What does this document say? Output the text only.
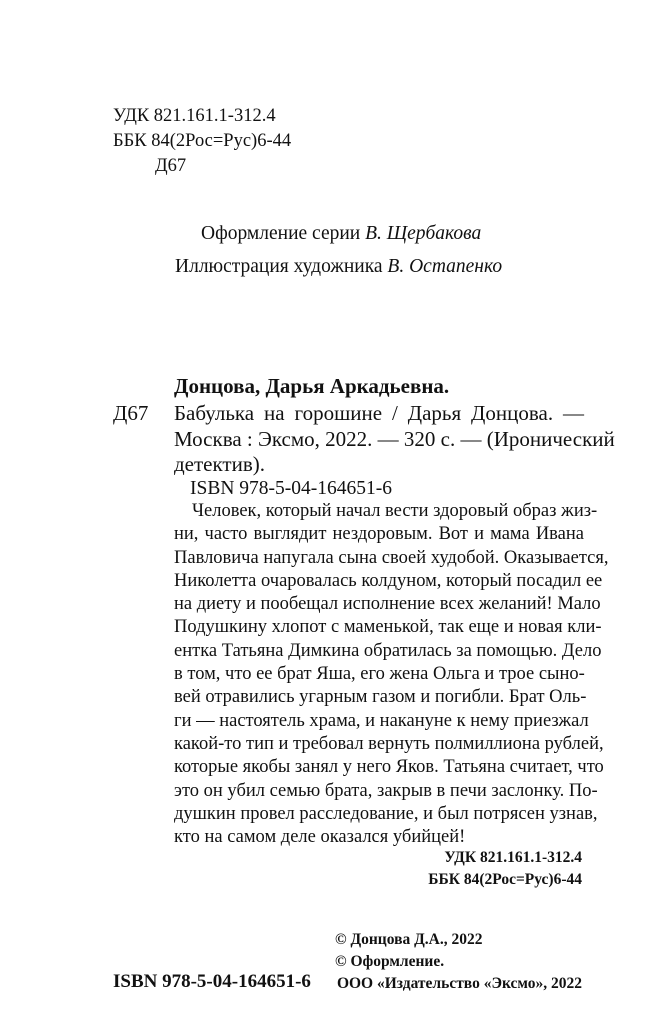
УДК 821.161.1-312.4
ББК 84(2Рос=Рус)6-44
Д67
Оформление серии В. Щербакова
Иллюстрация художника В. Остапенко
Донцова, Дарья Аркадьевна.
Д67 Бабулька на горошине / Дарья Донцова. —
Москва : Эксмо, 2022. — 320 с. — (Иронический
детектив).
ISBN 978-5-04-164651-6
Человек, который начал вести здоровый образ жиз-
ни, часто выглядит нездоровым. Вот и мама Ивана
Павловича напугала сына своей худобой. Оказывается,
Николетта очаровалась колдуном, который посадил ее
на диету и пообещал исполнение всех желаний! Мало
Подушкину хлопот с маменькой, так еще и новая кли-
ентка Татьяна Димкина обратилась за помощью. Дело
в том, что ее брат Яша, его жена Ольга и трое сыно-
вей отравились угарным газом и погибли. Брат Оль-
ги — настоятель храма, и накануне к нему приезжал
какой-то тип и требовал вернуть полмиллиона рублей,
которые якобы занял у него Яков. Татьяна считает, что
это он убил семью брата, закрыв в печи заслонку. По-
душкин провел расследование, и был потрясен узнав,
кто на самом деле оказался убийцей!
УДК 821.161.1-312.4
ББК 84(2Рос=Рус)6-44
© Донцова Д.А., 2022
© Оформление.
ISBN 978-5-04-164651-6 ООО «Издательство «Эксмо», 2022
